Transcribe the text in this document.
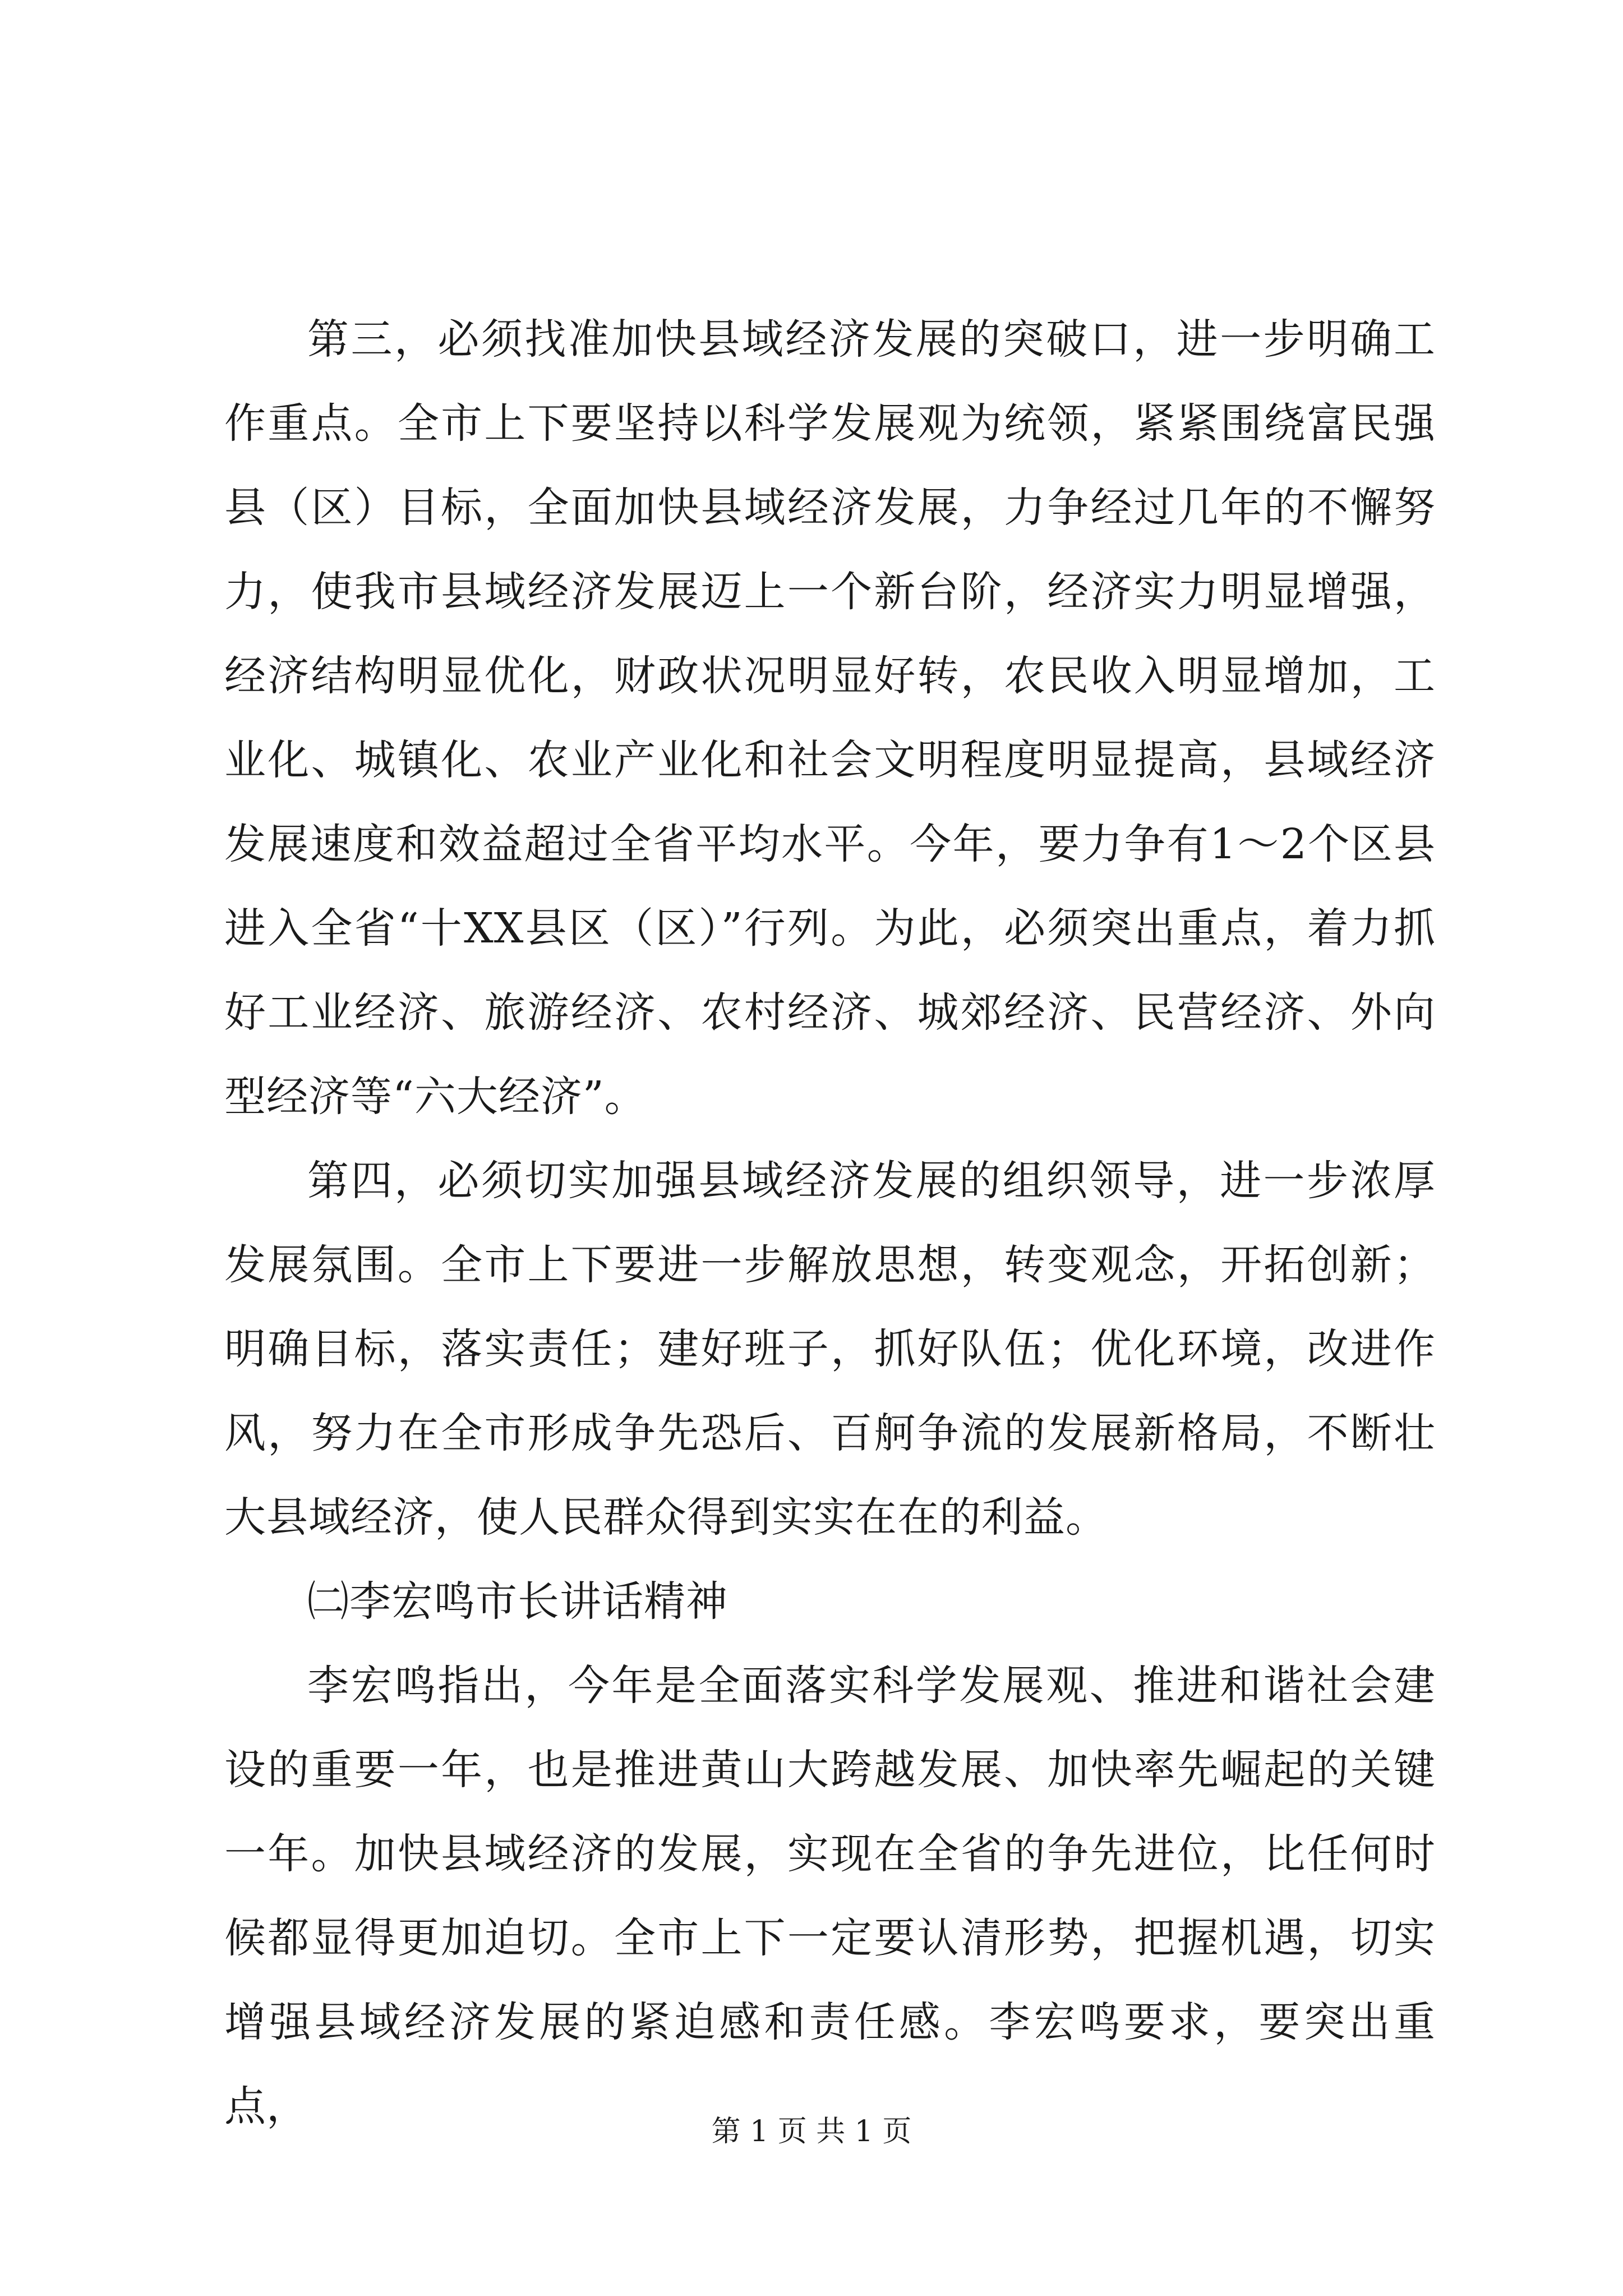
第三，必须找准加快县域经济发展的突破口，进一步明确工作重点。全市上下要坚持以科学发展观为统领，紧紧围绕富民强县（区）目标，全面加快县域经济发展，力争经过几年的不懈努力，使我市县域经济发展迈上一个新台阶，经济实力明显增强，经济结构明显优化，财政状况明显好转，农民收入明显增加，工业化、城镇化、农业产业化和社会文明程度明显提高，县域经济发展速度和效益超过全省平均水平。今年，要力争有1～2个区县进入全省“十XX县区（区）”行列。为此，必须突出重点，着力抓好工业经济、旅游经济、农村经济、城郊经济、民营经济、外向型经济等“六大经济”。

第四，必须切实加强县域经济发展的组织领导，进一步浓厚发展氛围。全市上下要进一步解放思想，转变观念，开拓创新；明确目标，落实责任；建好班子，抓好队伍；优化环境，改进作风，努力在全市形成争先恐后、百舸争流的发展新格局，不断壮大县域经济，使人民群众得到实实在在的利益。

㈡李宏鸣市长讲话精神

李宏鸣指出，今年是全面落实科学发展观、推进和谐社会建设的重要一年，也是推进黄山大跨越发展、加快率先崛起的关键一年。加快县域经济的发展，实现在全省的争先进位，比任何时候都显得更加迫切。全市上下一定要认清形势，把握机遇，切实增强县域经济发展的紧迫感和责任感。李宏鸣要求，要突出重点，

第 1 页 共 1 页
